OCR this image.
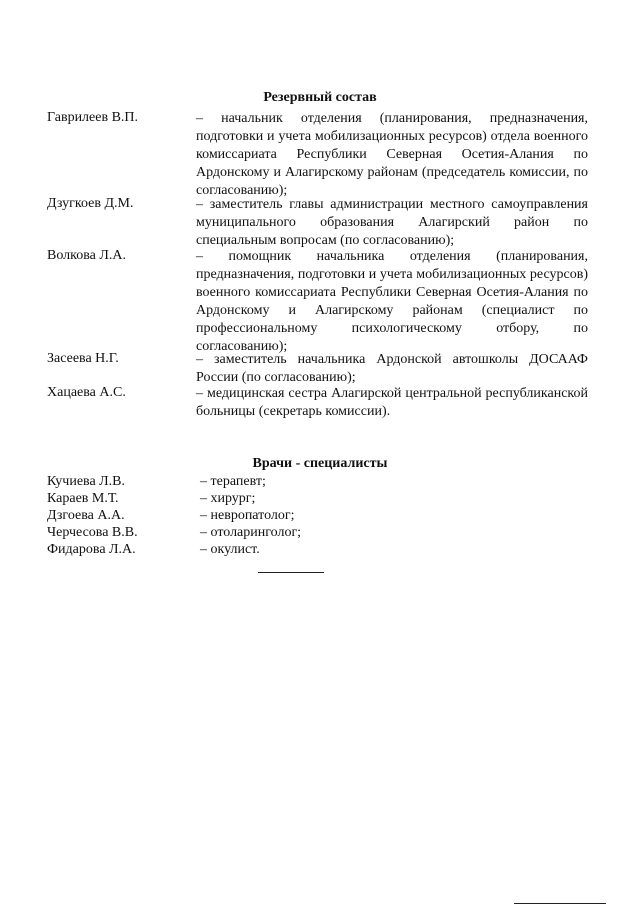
Резервный состав
Гаврилеев В.П.	– начальник отделения (планирования, предназначения, подготовки и учета мобилизационных ресурсов) отдела военного комиссариата Республики Северная Осетия-Алания по Ардонскому и Алагирскому районам (председатель комиссии, по согласованию);
Дзугкоев Д.М.	– заместитель главы администрации местного самоуправления муниципального образования Алагирский район по специальным вопросам (по согласованию);
Волкова Л.А.	– помощник начальника отделения (планирования, предназначения, подготовки и учета мобилизационных ресурсов) военного комиссариата Республики Северная Осетия-Алания по Ардонскому и Алагирскому районам (специалист по профессиональному психологическому отбору, по согласованию);
Засеева Н.Г.	– заместитель начальника Ардонской автошколы ДОСААФ России (по согласованию);
Хацаева А.С.	– медицинская сестра Алагирской центральной республиканской больницы (секретарь комиссии).
Врачи - специалисты
Кучиева Л.В.	– терапевт;
Караев М.Т.	– хирург;
Дзгоева А.А.	– невропатолог;
Черчесова В.В.	– отоларинголог;
Фидарова Л.А.	– окулист.
